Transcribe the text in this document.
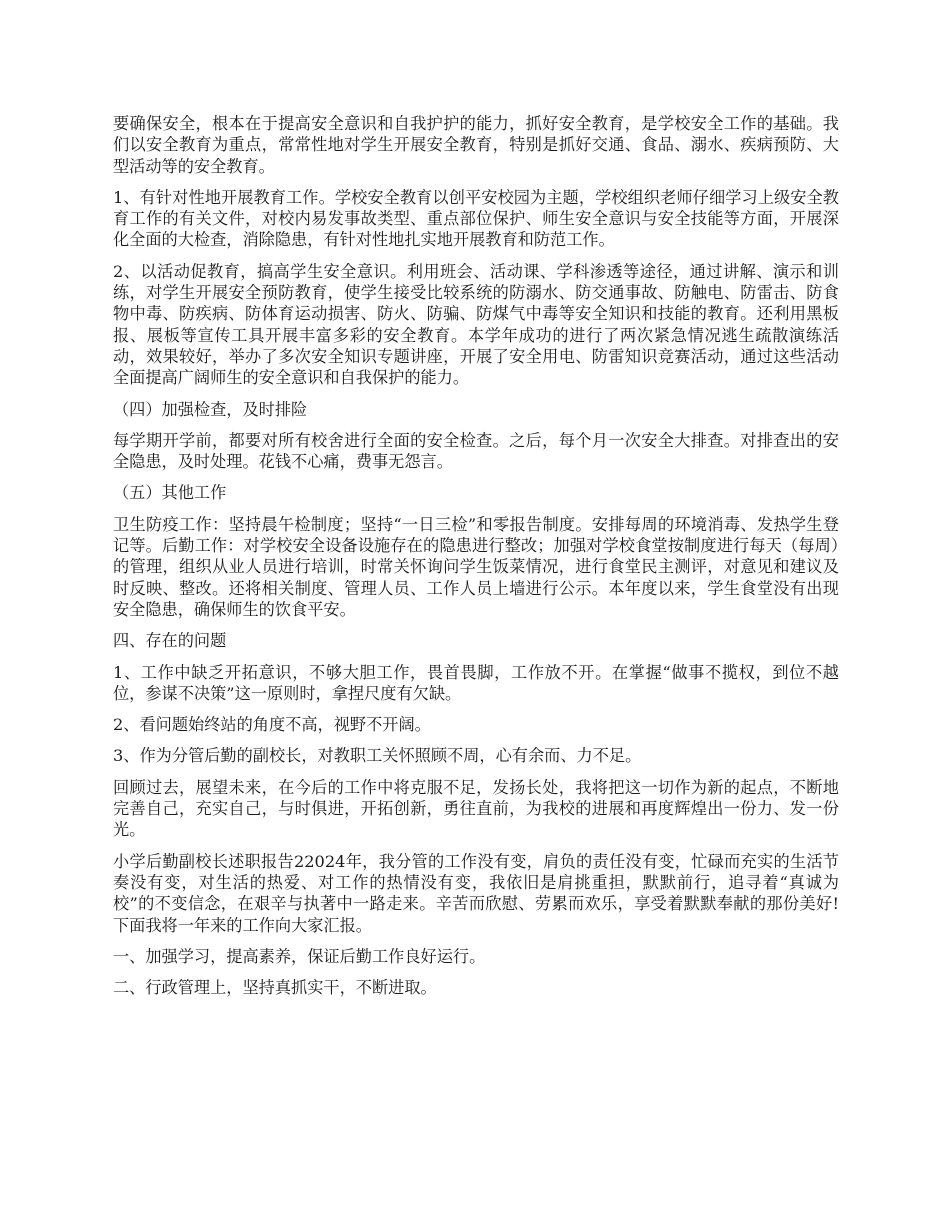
要确保安全，根本在于提高安全意识和自我护护的能力，抓好安全教育，是学校安全工作的基础。我们以安全教育为重点，常常性地对学生开展安全教育，特别是抓好交通、食品、溺水、疾病预防、大型活动等的安全教育。

1、有针对性地开展教育工作。学校安全教育以创平安校园为主题，学校组织老师仔细学习上级安全教育工作的有关文件，对校内易发事故类型、重点部位保护、师生安全意识与安全技能等方面，开展深化全面的大检查，消除隐患，有针对性地扎实地开展教育和防范工作。

2、以活动促教育，搞高学生安全意识。利用班会、活动课、学科渗透等途径，通过讲解、演示和训练，对学生开展安全预防教育，使学生接受比较系统的防溺水、防交通事故、防触电、防雷击、防食物中毒、防疾病、防体育运动损害、防火、防骗、防煤气中毒等安全知识和技能的教育。还利用黑板报、展板等宣传工具开展丰富多彩的安全教育。本学年成功的进行了两次紧急情况逃生疏散演练活动，效果较好，举办了多次安全知识专题讲座，开展了安全用电、防雷知识竞赛活动，通过这些活动全面提高广阔师生的安全意识和自我保护的能力。

（四）加强检查，及时排险

每学期开学前，都要对所有校舍进行全面的安全检查。之后，每个月一次安全大排查。对排查出的安全隐患，及时处理。花钱不心痛，费事无怨言。

（五）其他工作

卫生防疫工作：坚持晨午检制度；坚持“一日三检”和零报告制度。安排每周的环境消毒、发热学生登记等。后勤工作：对学校安全设备设施存在的隐患进行整改；加强对学校食堂按制度进行每天（每周）的管理，组织从业人员进行培训，时常关怀询问学生饭菜情况，进行食堂民主测评，对意见和建议及时反映、整改。还将相关制度、管理人员、工作人员上墙进行公示。本年度以来，学生食堂没有出现安全隐患，确保师生的饮食平安。

四、存在的问题

1、工作中缺乏开拓意识，不够大胆工作，畏首畏脚，工作放不开。在掌握“做事不揽权，到位不越位，参谋不决策”这一原则时，拿捏尺度有欠缺。

2、看问题始终站的角度不高，视野不开阔。

3、作为分管后勤的副校长，对教职工关怀照顾不周，心有余而、力不足。

回顾过去，展望未来，在今后的工作中将克服不足，发扬长处，我将把这一切作为新的起点，不断地完善自己，充实自己，与时俱进，开拓创新，勇往直前，为我校的进展和再度辉煌出一份力、发一份光。

小学后勤副校长述职报告22024年，我分管的工作没有变，肩负的责任没有变，忙碌而充实的生活节奏没有变，对生活的热爱、对工作的热情没有变，我依旧是肩挑重担，默默前行，追寻着“真诚为校”的不变信念，在艰辛与执著中一路走来。辛苦而欣慰、劳累而欢乐，享受着默默奉献的那份美好!下面我将一年来的工作向大家汇报。

一、加强学习，提高素养，保证后勤工作良好运行。

二、行政管理上，坚持真抓实干，不断进取。
